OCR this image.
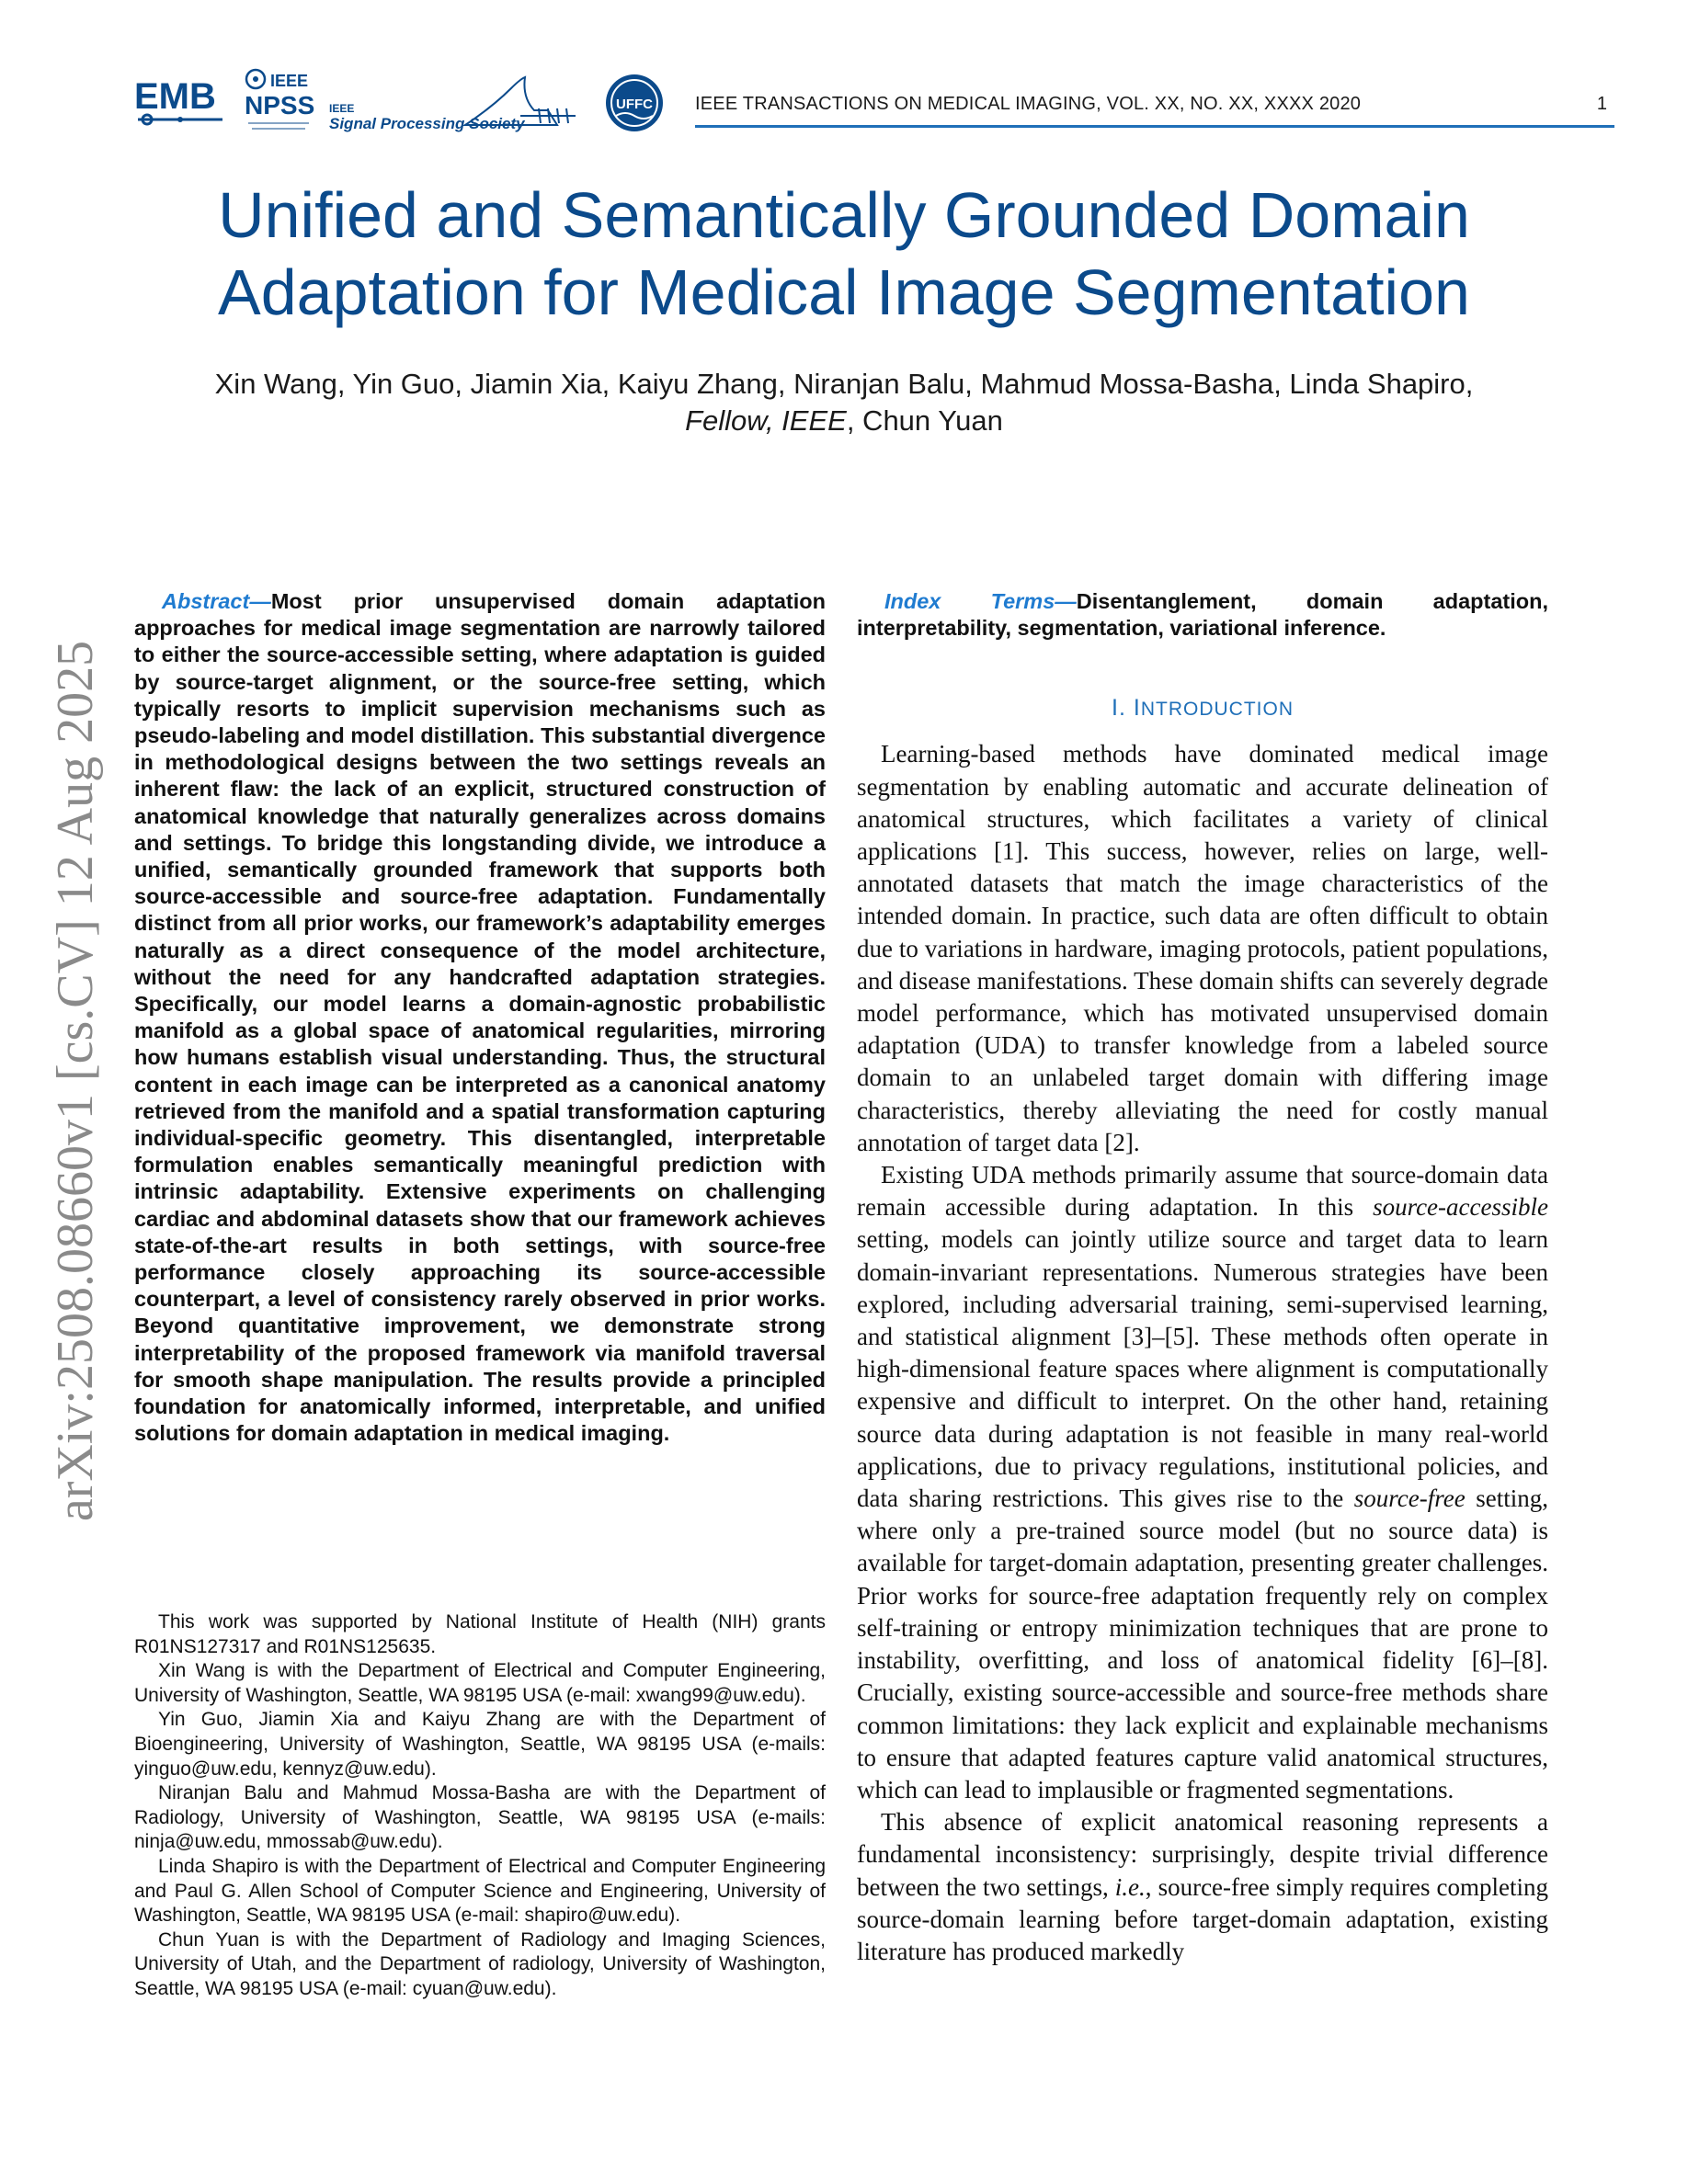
EMB	IEEE
NPSS IEEE
Signal Processing Society
UFFC IEEE TRANSACTIONS ON MEDICAL IMAGING, VOL. XX, NO. XX, XXXX 2020	1
Unified and Semantically Grounded Domain Adaptation for Medical Image Segmentation
Xin Wang, Yin Guo, Jiamin Xia, Kaiyu Zhang, Niranjan Balu, Mahmud Mossa-Basha, Linda Shapiro,
Fellow, IEEE, Chun Yuan
arXiv:2508.08660v1 [cs.CV] 12 Aug 2025

Abstract—Most prior unsupervised domain adaptation approaches for medical image segmentation are narrowly tailored to either the source-accessible setting, where adaptation is guided by source-target alignment, or the source-free setting, which typically resorts to implicit supervision mechanisms such as pseudo-labeling and model distillation. This substantial divergence in methodological designs between the two settings reveals an inherent flaw: the lack of an explicit, structured construction of anatomical knowledge that naturally generalizes across domains and settings. To bridge this longstanding divide, we introduce a unified, semantically grounded framework that supports both source-accessible and source-free adaptation. Fundamentally distinct from all prior works, our framework’s adaptability emerges naturally as a direct consequence of the model architecture, without the need for any handcrafted adaptation strategies. Specifically, our model learns a domain-agnostic probabilistic manifold as a global space of anatomical regularities, mirroring how humans establish visual understanding. Thus, the structural content in each image can be interpreted as a canonical anatomy retrieved from the manifold and a spatial transformation capturing individual-specific geometry. This disentangled, interpretable formulation enables semantically meaningful prediction with intrinsic adaptability. Extensive experiments on challenging cardiac and abdominal datasets show that our framework achieves state-of-the-art results in both settings, with source-free performance closely approaching its source-accessible counterpart, a level of consistency rarely observed in prior works. Beyond quantitative improvement, we demonstrate strong interpretability of the proposed framework via manifold traversal for smooth shape manipulation. The results provide a principled foundation for anatomically informed, interpretable, and unified solutions for domain adaptation in medical imaging.

This work was supported by National Institute of Health (NIH) grants R01NS127317 and R01NS125635.

Xin Wang is with the Department of Electrical and Computer Engineering, University of Washington, Seattle, WA 98195 USA (e-mail: xwang99@uw.edu).

Yin Guo, Jiamin Xia and Kaiyu Zhang are with the Department of Bioengineering, University of Washington, Seattle, WA 98195 USA (e-mails: yinguo@uw.edu, kennyz@uw.edu).

Niranjan Balu and Mahmud Mossa-Basha are with the Department of Radiology, University of Washington, Seattle, WA 98195 USA (e-mails: ninja@uw.edu, mmossab@uw.edu).

Linda Shapiro is with the Department of Electrical and Computer Engineering and Paul G. Allen School of Computer Science and Engineering, University of Washington, Seattle, WA 98195 USA (e-mail: shapiro@uw.edu).

Chun Yuan is with the Department of Radiology and Imaging Sciences, University of Utah, and the Department of radiology, University of Washington, Seattle, WA 98195 USA (e-mail: cyuan@uw.edu).

Index Terms—Disentanglement, domain adaptation, interpretability, segmentation, variational inference.

I. INTRODUCTION

Learning-based methods have dominated medical image segmentation by enabling automatic and accurate delineation of anatomical structures, which facilitates a variety of clinical applications [1]. This success, however, relies on large, well-annotated datasets that match the image characteristics of the intended domain. In practice, such data are often difficult to obtain due to variations in hardware, imaging protocols, patient populations, and disease manifestations. These domain shifts can severely degrade model performance, which has motivated unsupervised domain adaptation (UDA) to transfer knowledge from a labeled source domain to an unlabeled target domain with differing image characteristics, thereby alleviating the need for costly manual annotation of target data [2].

Existing UDA methods primarily assume that source-domain data remain accessible during adaptation. In this source-accessible setting, models can jointly utilize source and target data to learn domain-invariant representations. Numerous strategies have been explored, including adversarial training, semi-supervised learning, and statistical alignment [3]–[5]. These methods often operate in high-dimensional feature spaces where alignment is computationally expensive and difficult to interpret. On the other hand, retaining source data during adaptation is not feasible in many real-world applications, due to privacy regulations, institutional policies, and data sharing restrictions. This gives rise to the source-free setting, where only a pre-trained source model (but no source data) is available for target-domain adaptation, presenting greater challenges. Prior works for source-free adaptation frequently rely on complex self-training or entropy minimization techniques that are prone to instability, overfitting, and loss of anatomical fidelity [6]–[8]. Crucially, existing source-accessible and source-free methods share common limitations: they lack explicit and explainable mechanisms to ensure that adapted features capture valid anatomical structures, which can lead to implausible or fragmented segmentations.

This absence of explicit anatomical reasoning represents a fundamental inconsistency: surprisingly, despite trivial difference between the two settings, i.e., source-free simply requires completing source-domain learning before target-domain adaptation, existing literature has produced markedly
